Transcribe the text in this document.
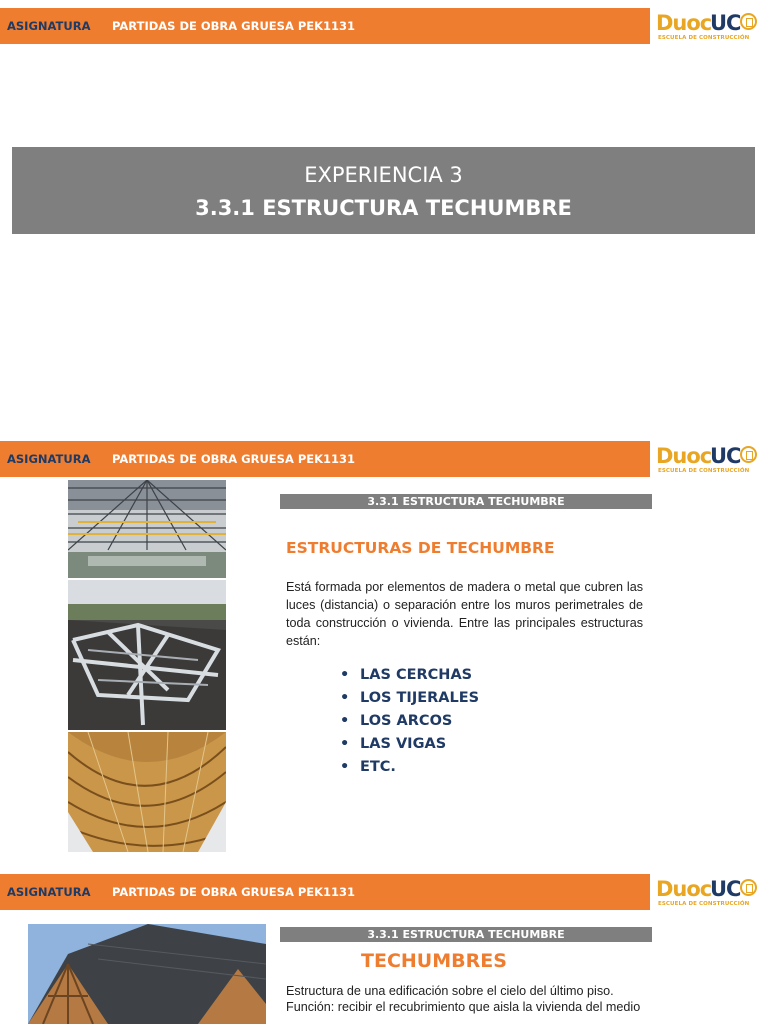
ASIGNATURA PARTIDAS DE OBRA GRUESA PEK1131	Duoc
UC
ESCUELA DE CONSTRUCCIÓN
EXPERIENCIA 3
3.3.1 ESTRUCTURA TECHUMBRE
ASIGNATURA PARTIDAS DE OBRA GRUESA PEK1131	Duoc
UC
ESCUELA DE CONSTRUCCIÓN
3.3.1 ESTRUCTURA TECHUMBRE
ESTRUCTURAS DE TECHUMBRE
Está formada por elementos de madera o metal que cubren las luces (distancia) o separación entre los muros perimetrales de toda construcción o vivienda. Entre las principales estructuras están:
• LAS CERCHAS
• LOS TIJERALES
• LOS ARCOS
• LAS VIGAS
• ETC.
ASIGNATURA PARTIDAS DE OBRA GRUESA PEK1131	Duoc
UC
ESCUELA DE CONSTRUCCIÓN
3.3.1 ESTRUCTURA TECHUMBRE
TECHUMBRES
Estructura de una edificación sobre el cielo del último piso.
Función: recibir el recubrimiento que aisla la vivienda del medio
